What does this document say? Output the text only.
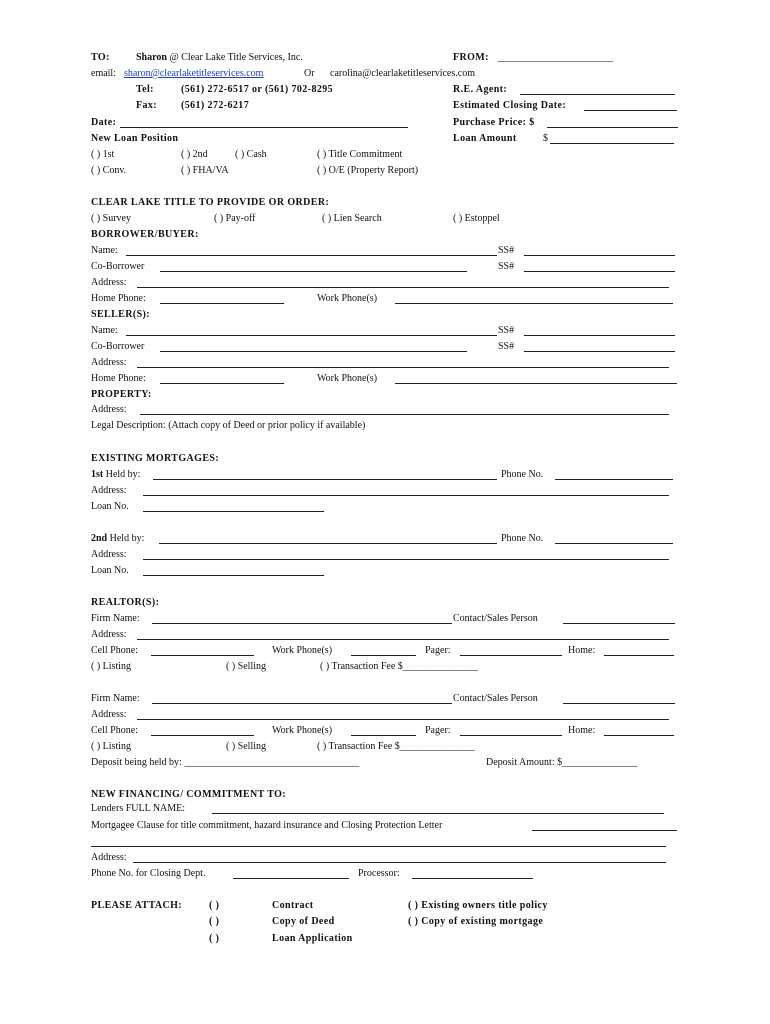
TO:	Sharon @ Clear Lake Title Services, Inc.	FROM: _______________________
email: sharon@clearlaketitleservices.com	Or carolina@clearlaketitleservices.com
Tel:	(561) 272-6517 or (561) 702-8295	R.E. Agent:
Fax: (561) 272-6217	Estimated Closing Date:
Date:	Purchase Price: $
New Loan Position	Loan Amount	$
( ) 1st	( ) 2nd	( ) Cash	( ) Title Commitment
( ) Conv.	( ) FHA/VA	( ) O/E (Property Report)
CLEAR LAKE TITLE TO PROVIDE OR ORDER:
( ) Survey	( ) Pay-off	( ) Lien Search	( ) Estoppel
BORROWER/BUYER:
Name:	SS#
Co-Borrower	SS#
Address:
Home Phone:	Work Phone(s)
SELLER(S):
Name:	SS#
Co-Borrower	SS#
Address:
Home Phone:	Work Phone(s)
PROPERTY:
Address:
Legal Description: (Attach copy of Deed or prior policy if available)
EXISTING MORTGAGES:
1st Held by:	Phone No.
Address:
Loan No.
2nd Held by:	Phone No.
Address:
Loan No.
REALTOR(S):
Firm Name:	Contact/Sales Person
Address:
Cell Phone:	Work Phone(s)	Pager:	Home:
( ) Listing	( ) Selling	( ) Transaction Fee $_______________
Firm Name:	Contact/Sales Person
Address:
Cell Phone:	Work Phone(s)	Pager:	Home:
( ) Listing	( ) Selling	( ) Transaction Fee $_______________
Deposit being held by: ___________________________________	Deposit Amount: $_______________
NEW FINANCING/ COMMITMENT TO:
Lenders FULL NAME:
Mortgagee Clause for title commitment, hazard insurance and Closing Protection Letter
Address:
Phone No. for Closing Dept.	Processor:
PLEASE ATTACH:	( )	Contract	( ) Existing owners title policy
( )	Copy of Deed	( ) Copy of existing mortgage
( )	Loan Application
